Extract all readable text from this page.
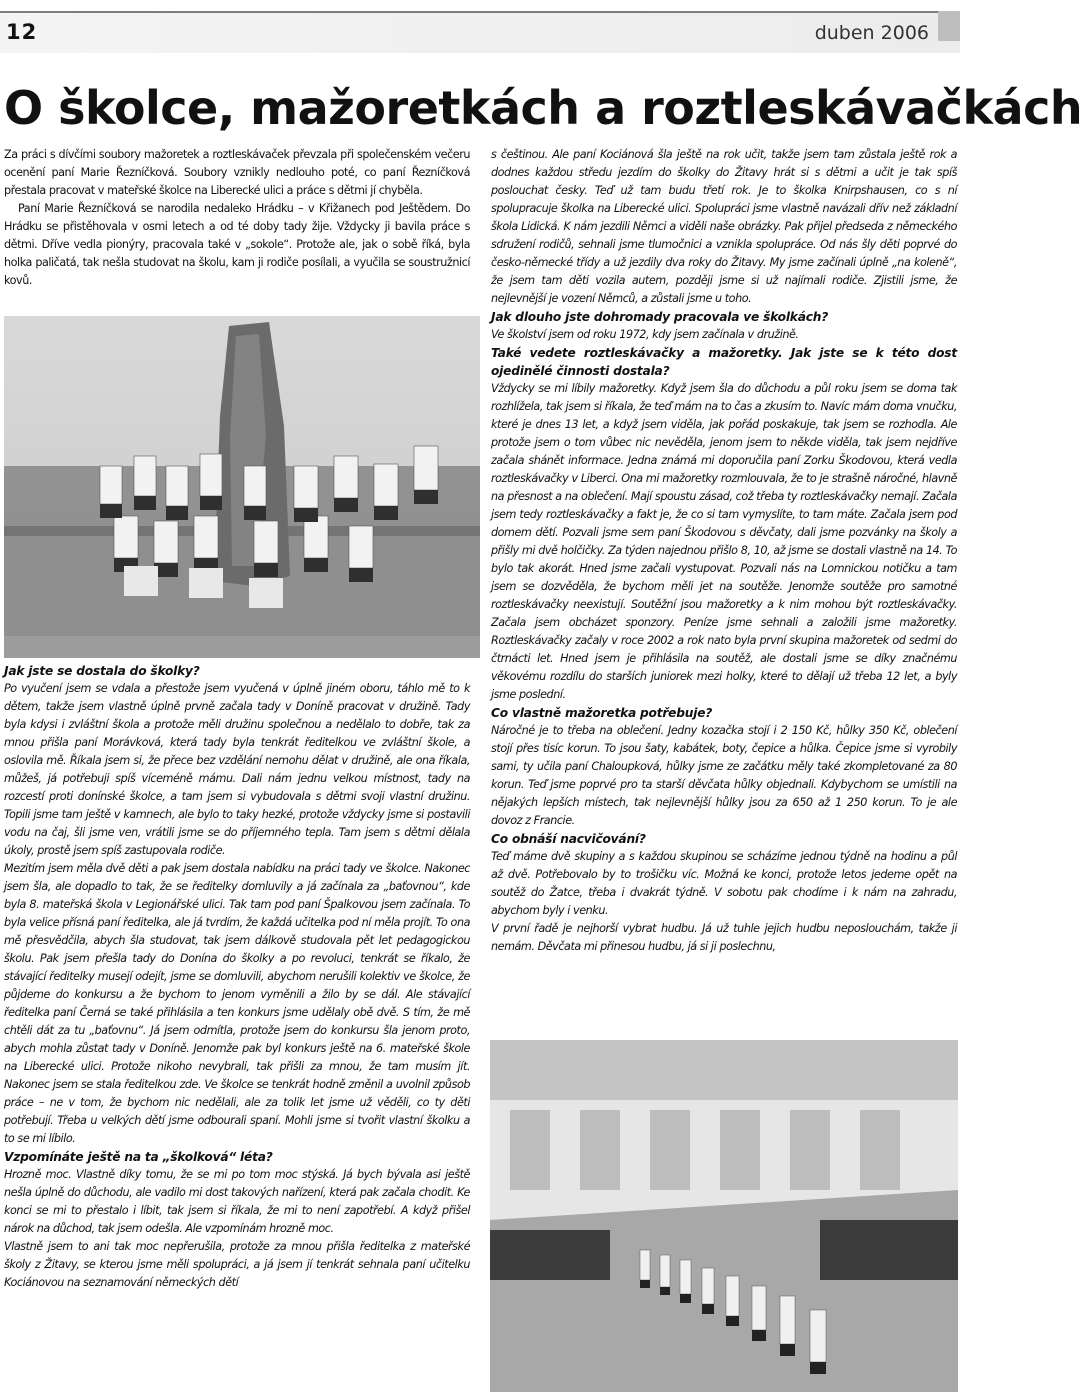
12	duben 2006
O školce, mažoretkách a roztleskávačkách

Za práci s dívčími soubory mažoretek a roztleskávaček převzala při společenském večeru ocenění paní Marie Řezníčková. Soubory vznikly nedlouho poté, co paní Řezníčková přestala pracovat v mateřské školce na Liberecké ulici a práce s dětmi jí chyběla.

Paní Marie Řezníčková se narodila nedaleko Hrádku – v Křižanech pod Ještědem. Do Hrádku se přistěhovala v osmi letech a od té doby tady žije. Vždycky ji bavila práce s dětmi. Dříve vedla pionýry, pracovala také v „sokole“. Protože ale, jak o sobě říká, byla holka paličatá, tak nešla studovat na školu, kam ji rodiče posílali, a vyučila se soustružnicí kovů.

Jak jste se dostala do školky?

Po vyučení jsem se vdala a přestože jsem vyučená v úplně jiném oboru, táhlo mě to k dětem, takže jsem vlastně úplně prvně začala tady v Doníně pracovat v družině. Tady byla kdysi i zvláštní škola a protože měli družinu společnou a nedělalo to dobře, tak za mnou přišla paní Morávková, která tady byla tenkrát ředitelkou ve zvláštní škole, a oslovila mě. Říkala jsem si, že přece bez vzdělání nemohu dělat v družině, ale ona říkala, můžeš, já potřebuji spíš víceméně mámu. Dali nám jednu velkou místnost, tady na rozcestí proti donínské školce, a tam jsem si vybudovala s dětmi svoji vlastní družinu. Topili jsme tam ještě v kamnech, ale bylo to taky hezké, protože vždycky jsme si postavili vodu na čaj, šli jsme ven, vrátili jsme se do příjemného tepla. Tam jsem s dětmi dělala úkoly, prostě jsem spíš zastupovala rodiče.

Mezitím jsem měla dvě děti a pak jsem dostala nabídku na práci tady ve školce. Nakonec jsem šla, ale dopadlo to tak, že se ředitelky domluvily a já začínala za „baťovnou“, kde byla 8. mateřská škola v Legionářské ulici. Tak tam pod paní Špalkovou jsem začínala. To byla velice přísná paní ředitelka, ale já tvrdím, že každá učitelka pod ní měla projít. To ona mě přesvědčila, abych šla studovat, tak jsem dálkově studovala pět let pedagogickou školu. Pak jsem přešla tady do Donína do školky a po revoluci, tenkrát se říkalo, že stávající ředitelky musejí odejít, jsme se domluvili, abychom nerušili kolektiv ve školce, že půjdeme do konkursu a že bychom to jenom vyměnili a žilo by se dál. Ale stávající ředitelka paní Černá se také přihlásila a ten konkurs jsme udělaly obě dvě. S tím, že mě chtěli dát za tu „baťovnu“. Já jsem odmítla, protože jsem do konkursu šla jenom proto, abych mohla zůstat tady v Doníně. Jenomže pak byl konkurs ještě na 6. mateřské škole na Liberecké ulici. Protože nikoho nevybrali, tak přišli za mnou, že tam musím jít. Nakonec jsem se stala ředitelkou zde. Ve školce se tenkrát hodně změnil a uvolnil způsob práce – ne v tom, že bychom nic nedělali, ale za tolik let jsme už věděli, co ty děti potřebují. Třeba u velkých dětí jsme odbourali spaní. Mohli jsme si tvořit vlastní školku a to se mi líbilo.

Vzpomínáte ještě na ta „školková“ léta?

Hrozně moc. Vlastně díky tomu, že se mi po tom moc stýská. Já bych bývala asi ještě nešla úplně do důchodu, ale vadilo mi dost takových nařízení, která pak začala chodit. Ke konci se mi to přestalo i líbit, tak jsem si říkala, že mi to není zapotřebí. A když přišel nárok na důchod, tak jsem odešla. Ale vzpomínám hrozně moc.

Vlastně jsem to ani tak moc nepřerušila, protože za mnou přišla ředitelka z mateřské školy z Žitavy, se kterou jsme měli spolupráci, a já jsem jí tenkrát sehnala paní učitelku Kociánovou na seznamování německých dětí

s češtinou. Ale paní Kociánová šla ještě na rok učit, takže jsem tam zůstala ještě rok a dodnes každou středu jezdím do školky do Žitavy hrát si s dětmi a učit je tak spíš poslouchat česky. Teď už tam budu třetí rok. Je to školka Knirpshausen, co s ní spolupracuje školka na Liberecké ulici. Spolupráci jsme vlastně navázali dřív než základní škola Lidická. K nám jezdili Němci a viděli naše obrázky. Pak přijel předseda z německého sdružení rodičů, sehnali jsme tlumočnici a vznikla spolupráce. Od nás šly děti poprvé do česko-německé třídy a už jezdily dva roky do Žitavy. My jsme začínali úplně „na koleně“, že jsem tam děti vozila autem, později jsme si už najímali rodiče. Zjistili jsme, že nejlevnější je vození Němců, a zůstali jsme u toho.

Jak dlouho jste dohromady pracovala ve školkách?

Ve školství jsem od roku 1972, kdy jsem začínala v družině.

Také vedete roztleskávačky a mažoretky. Jak jste se k této dost ojedinělé činnosti dostala?

Vždycky se mi líbily mažoretky. Když jsem šla do důchodu a půl roku jsem se doma tak rozhlížela, tak jsem si říkala, že teď mám na to čas a zkusím to. Navíc mám doma vnučku, které je dnes 13 let, a když jsem viděla, jak pořád poskakuje, tak jsem se rozhodla. Ale protože jsem o tom vůbec nic nevěděla, jenom jsem to někde viděla, tak jsem nejdříve začala shánět informace. Jedna známá mi doporučila paní Zorku Škodovou, která vedla roztleskávačky v Liberci. Ona mi mažoretky rozmlouvala, že to je strašně náročné, hlavně na přesnost a na oblečení. Mají spoustu zásad, což třeba ty roztleskávačky nemají. Začala jsem tedy roztleskávačky a fakt je, že co si tam vymyslíte, to tam máte. Začala jsem pod domem dětí. Pozvali jsme sem paní Škodovou s děvčaty, dali jsme pozvánky na školy a přišly mi dvě holčičky. Za týden najednou přišlo 8, 10, až jsme se dostali vlastně na 14. To bylo tak akorát. Hned jsme začali vystupovat. Pozvali nás na Lomnickou notičku a tam jsem se dozvěděla, že bychom měli jet na soutěže. Jenomže soutěže pro samotné roztleskávačky neexistují. Soutěžní jsou mažoretky a k nim mohou být roztleskávačky. Začala jsem obcházet sponzory. Peníze jsme sehnali a založili jsme mažoretky. Roztleskávačky začaly v roce 2002 a rok nato byla první skupina mažoretek od sedmi do čtrnácti let. Hned jsem je přihlásila na soutěž, ale dostali jsme se díky značnému věkovému rozdílu do starších juniorek mezi holky, které to dělají už třeba 12 let, a byly jsme poslední.

Co vlastně mažoretka potřebuje?

Náročné je to třeba na oblečení. Jedny kozačka stojí i 2 150 Kč, hůlky 350 Kč, oblečení stojí přes tisíc korun. To jsou šaty, kabátek, boty, čepice a hůlka. Čepice jsme si vyrobily sami, ty učila paní Chaloupková, hůlky jsme ze začátku měly také zkompletované za 80 korun. Teď jsme poprvé pro ta starší děvčata hůlky objednali. Kdybychom se umístili na nějakých lepších místech, tak nejlevnější hůlky jsou za 650 až 1 250 korun. To je ale dovoz z Francie.

Co obnáší nacvičování?

Teď máme dvě skupiny a s každou skupinou se scházíme jednou týdně na hodinu a půl až dvě. Potřebovalo by to trošičku víc. Možná ke konci, protože letos jedeme opět na soutěž do Žatce, třeba i dvakrát týdně. V sobotu pak chodíme i k nám na zahradu, abychom byly i venku.

V první řadě je nejhorší vybrat hudbu. Já už tuhle jejich hudbu neposlouchám, takže ji nemám. Děvčata mi přinesou hudbu, já si ji poslechnu,
